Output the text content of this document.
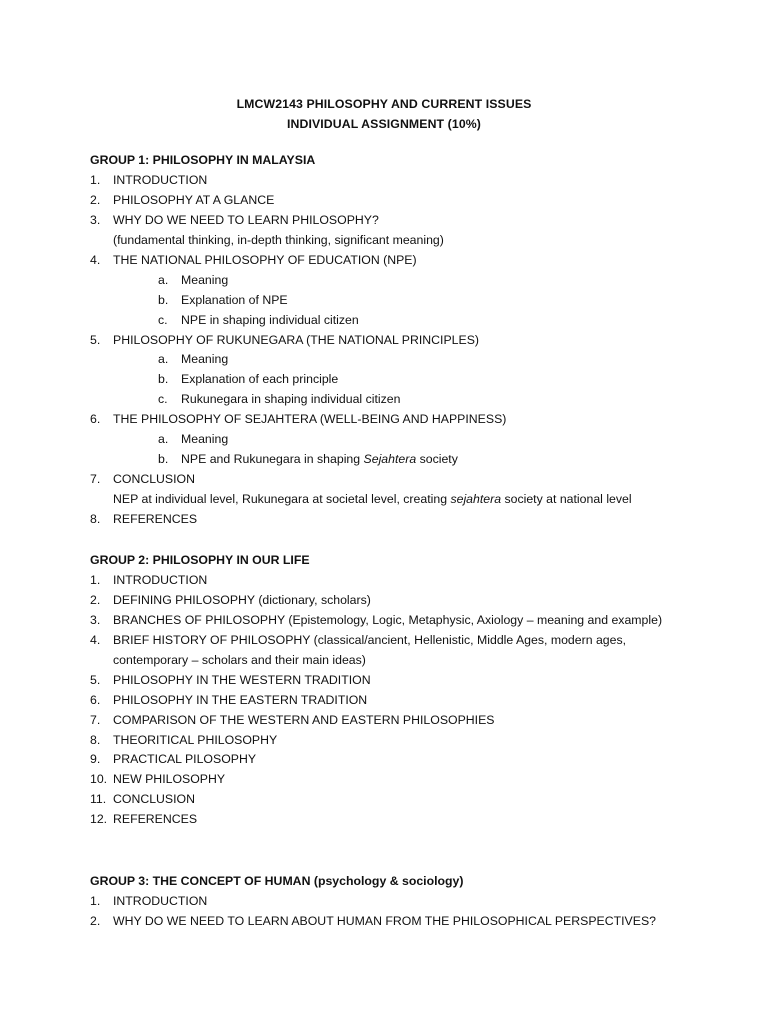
LMCW2143 PHILOSOPHY AND CURRENT ISSUES
INDIVIDUAL ASSIGNMENT (10%)
GROUP 1: PHILOSOPHY IN MALAYSIA
1. INTRODUCTION
2. PHILOSOPHY AT A GLANCE
3. WHY DO WE NEED TO LEARN PHILOSOPHY?
(fundamental thinking, in-depth thinking, significant meaning)
4. THE NATIONAL PHILOSOPHY OF EDUCATION (NPE)
a. Meaning
b. Explanation of NPE
c. NPE in shaping individual citizen
5. PHILOSOPHY OF RUKUNEGARA (THE NATIONAL PRINCIPLES)
a. Meaning
b. Explanation of each principle
c. Rukunegara in shaping individual citizen
6. THE PHILOSOPHY OF SEJAHTERA (WELL-BEING AND HAPPINESS)
a. Meaning
b. NPE and Rukunegara in shaping Sejahtera society
7. CONCLUSION
NEP at individual level, Rukunegara at societal level, creating sejahtera society at national level
8. REFERENCES
GROUP 2: PHILOSOPHY IN OUR LIFE
1. INTRODUCTION
2. DEFINING PHILOSOPHY (dictionary, scholars)
3. BRANCHES OF PHILOSOPHY (Epistemology, Logic, Metaphysic, Axiology – meaning and example)
4. BRIEF HISTORY OF PHILOSOPHY (classical/ancient, Hellenistic, Middle Ages, modern ages,
contemporary – scholars and their main ideas)
5. PHILOSOPHY IN THE WESTERN TRADITION
6. PHILOSOPHY IN THE EASTERN TRADITION
7. COMPARISON OF THE WESTERN AND EASTERN PHILOSOPHIES
8. THEORITICAL PHILOSOPHY
9. PRACTICAL PILOSOPHY
10. NEW PHILOSOPHY
11. CONCLUSION
12. REFERENCES
GROUP 3: THE CONCEPT OF HUMAN (psychology & sociology)
1. INTRODUCTION
2. WHY DO WE NEED TO LEARN ABOUT HUMAN FROM THE PHILOSOPHICAL PERSPECTIVES?
